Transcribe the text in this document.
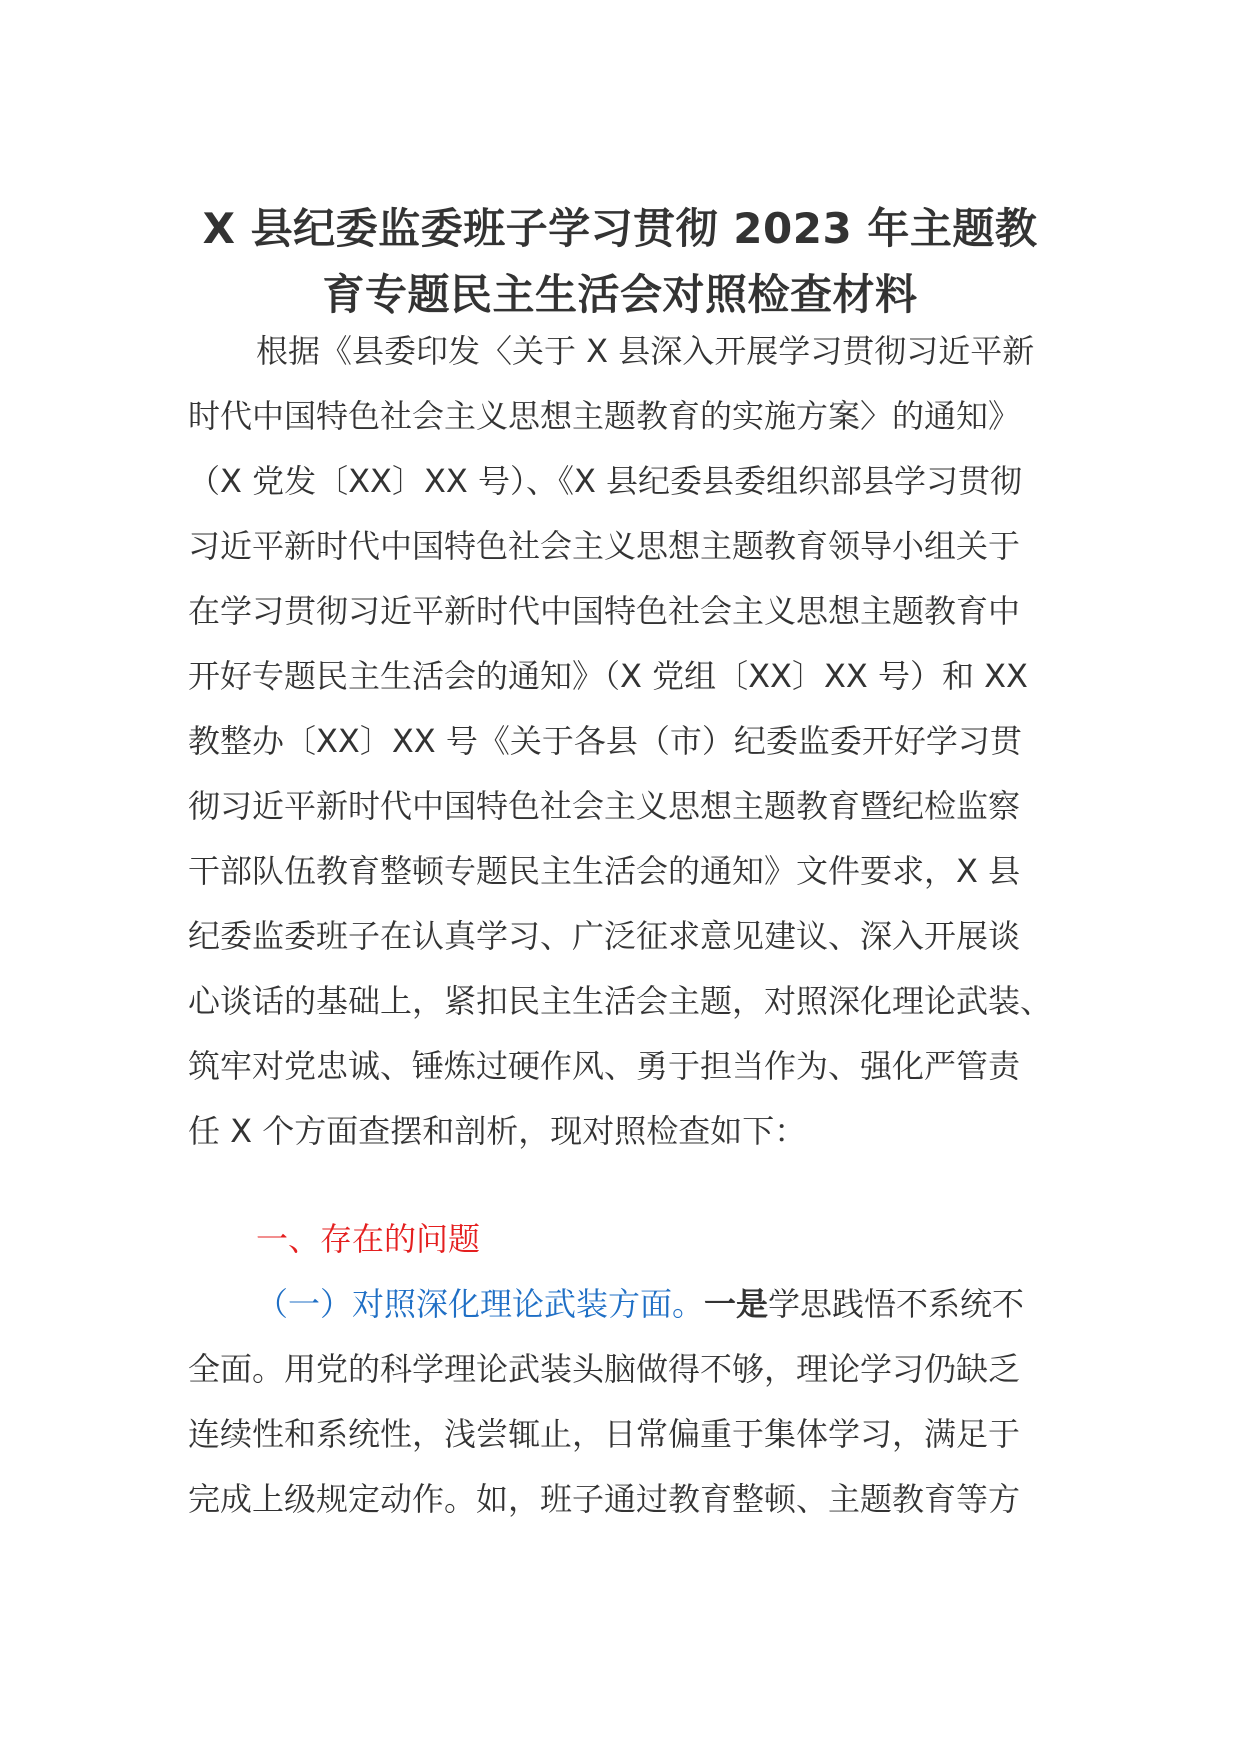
X 县纪委监委班子学习贯彻 2023 年主题教
育专题民主生活会对照检查材料
根据《县委印发〈关于 X 县深入开展学习贯彻习近平新
时代中国特色社会主义思想主题教育的实施方案〉的通知》
（X 党发〔XX〕XX 号）、《X 县纪委县委组织部县学习贯彻
习近平新时代中国特色社会主义思想主题教育领导小组关于
在学习贯彻习近平新时代中国特色社会主义思想主题教育中
开好专题民主生活会的通知》（X 党组〔XX〕XX 号）和 XX
教整办〔XX〕XX 号《关于各县（市）纪委监委开好学习贯
彻习近平新时代中国特色社会主义思想主题教育暨纪检监察
干部队伍教育整顿专题民主生活会的通知》文件要求，X 县
纪委监委班子在认真学习、广泛征求意见建议、深入开展谈
心谈话的基础上，紧扣民主生活会主题，对照深化理论武装、
筑牢对党忠诚、锤炼过硬作风、勇于担当作为、强化严管责
任 X 个方面查摆和剖析，现对照检查如下：

一、存在的问题

（一）对照深化理论武装方面。一是学思践悟不系统不
全面。用党的科学理论武装头脑做得不够，理论学习仍缺乏
连续性和系统性，浅尝辄止，日常偏重于集体学习，满足于
完成上级规定动作。如，班子通过教育整顿、主题教育等方
